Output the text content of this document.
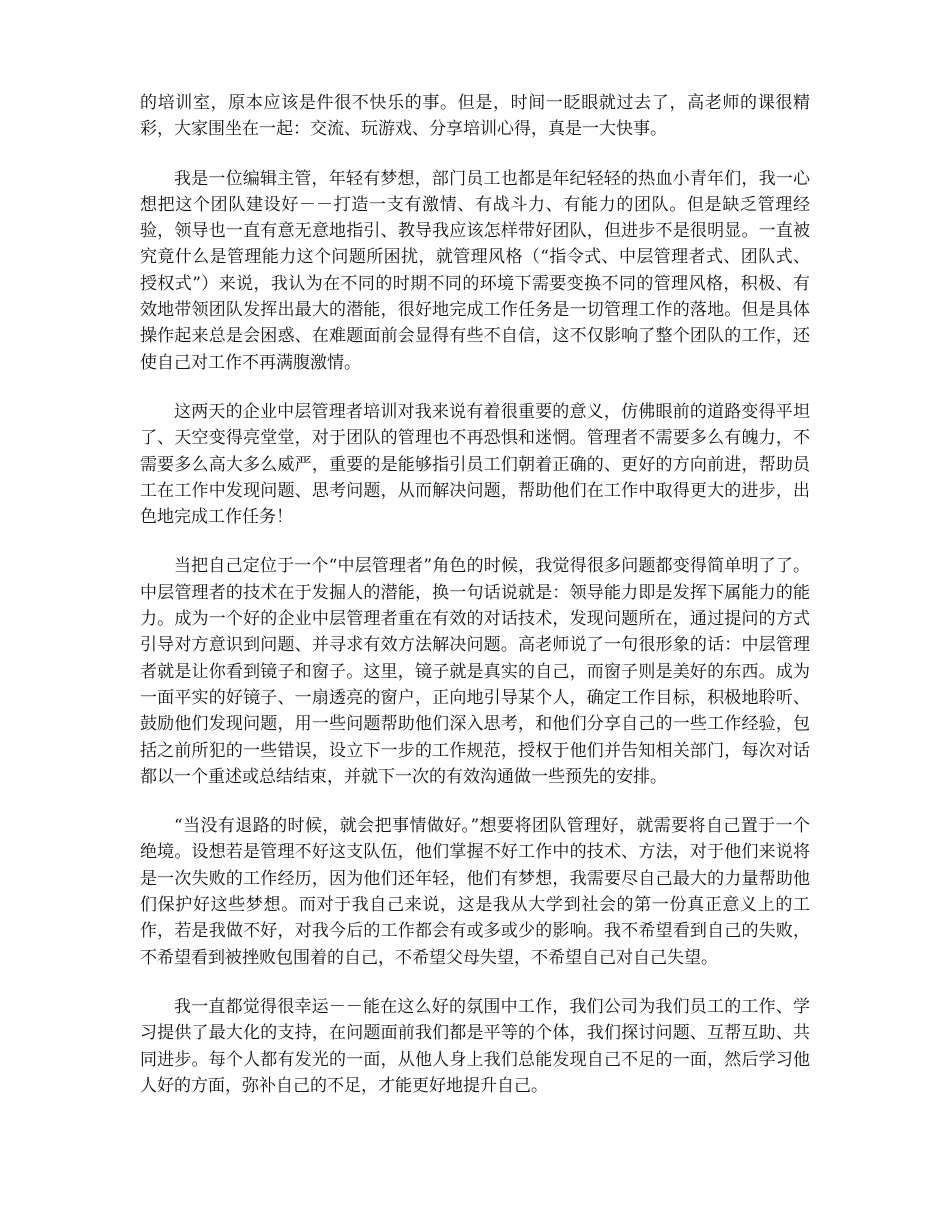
的培训室，原本应该是件很不快乐的事。但是，时间一眨眼就过去了，高老师的课很精彩，大家围坐在一起：交流、玩游戏、分享培训心得，真是一大快事。

我是一位编辑主管，年轻有梦想，部门员工也都是年纪轻轻的热血小青年们，我一心想把这个团队建设好－－打造一支有激情、有战斗力、有能力的团队。但是缺乏管理经验，领导也一直有意无意地指引、教导我应该怎样带好团队，但进步不是很明显。一直被究竟什么是管理能力这个问题所困扰，就管理风格（“指令式、中层管理者式、团队式、授权式”）来说，我认为在不同的时期不同的环境下需要变换不同的管理风格，积极、有效地带领团队发挥出最大的潜能，很好地完成工作任务是一切管理工作的落地。但是具体操作起来总是会困惑、在难题面前会显得有些不自信，这不仅影响了整个团队的工作，还使自己对工作不再满腹激情。

这两天的企业中层管理者培训对我来说有着很重要的意义，仿佛眼前的道路变得平坦了、天空变得亮堂堂，对于团队的管理也不再恐惧和迷惘。管理者不需要多么有魄力，不需要多么高大多么威严，重要的是能够指引员工们朝着正确的、更好的方向前进，帮助员工在工作中发现问题、思考问题，从而解决问题，帮助他们在工作中取得更大的进步，出色地完成工作任务！

当把自己定位于一个“中层管理者”角色的时候，我觉得很多问题都变得简单明了了。中层管理者的技术在于发掘人的潜能，换一句话说就是：领导能力即是发挥下属能力的能力。成为一个好的企业中层管理者重在有效的对话技术，发现问题所在，通过提问的方式引导对方意识到问题、并寻求有效方法解决问题。高老师说了一句很形象的话：中层管理者就是让你看到镜子和窗子。这里，镜子就是真实的自己，而窗子则是美好的东西。成为一面平实的好镜子、一扇透亮的窗户，正向地引导某个人，确定工作目标，积极地聆听、鼓励他们发现问题，用一些问题帮助他们深入思考，和他们分享自己的一些工作经验，包括之前所犯的一些错误，设立下一步的工作规范，授权于他们并告知相关部门，每次对话都以一个重述或总结结束，并就下一次的有效沟通做一些预先的安排。

“当没有退路的时候，就会把事情做好。”想要将团队管理好，就需要将自己置于一个绝境。设想若是管理不好这支队伍，他们掌握不好工作中的技术、方法，对于他们来说将是一次失败的工作经历，因为他们还年轻，他们有梦想，我需要尽自己最大的力量帮助他们保护好这些梦想。而对于我自己来说，这是我从大学到社会的第一份真正意义上的工作，若是我做不好，对我今后的工作都会有或多或少的影响。我不希望看到自己的失败，不希望看到被挫败包围着的自己，不希望父母失望，不希望自己对自己失望。

我一直都觉得很幸运－－能在这么好的氛围中工作，我们公司为我们员工的工作、学习提供了最大化的支持，在问题面前我们都是平等的个体，我们探讨问题、互帮互助、共同进步。每个人都有发光的一面，从他人身上我们总能发现自己不足的一面，然后学习他人好的方面，弥补自己的不足，才能更好地提升自己。
